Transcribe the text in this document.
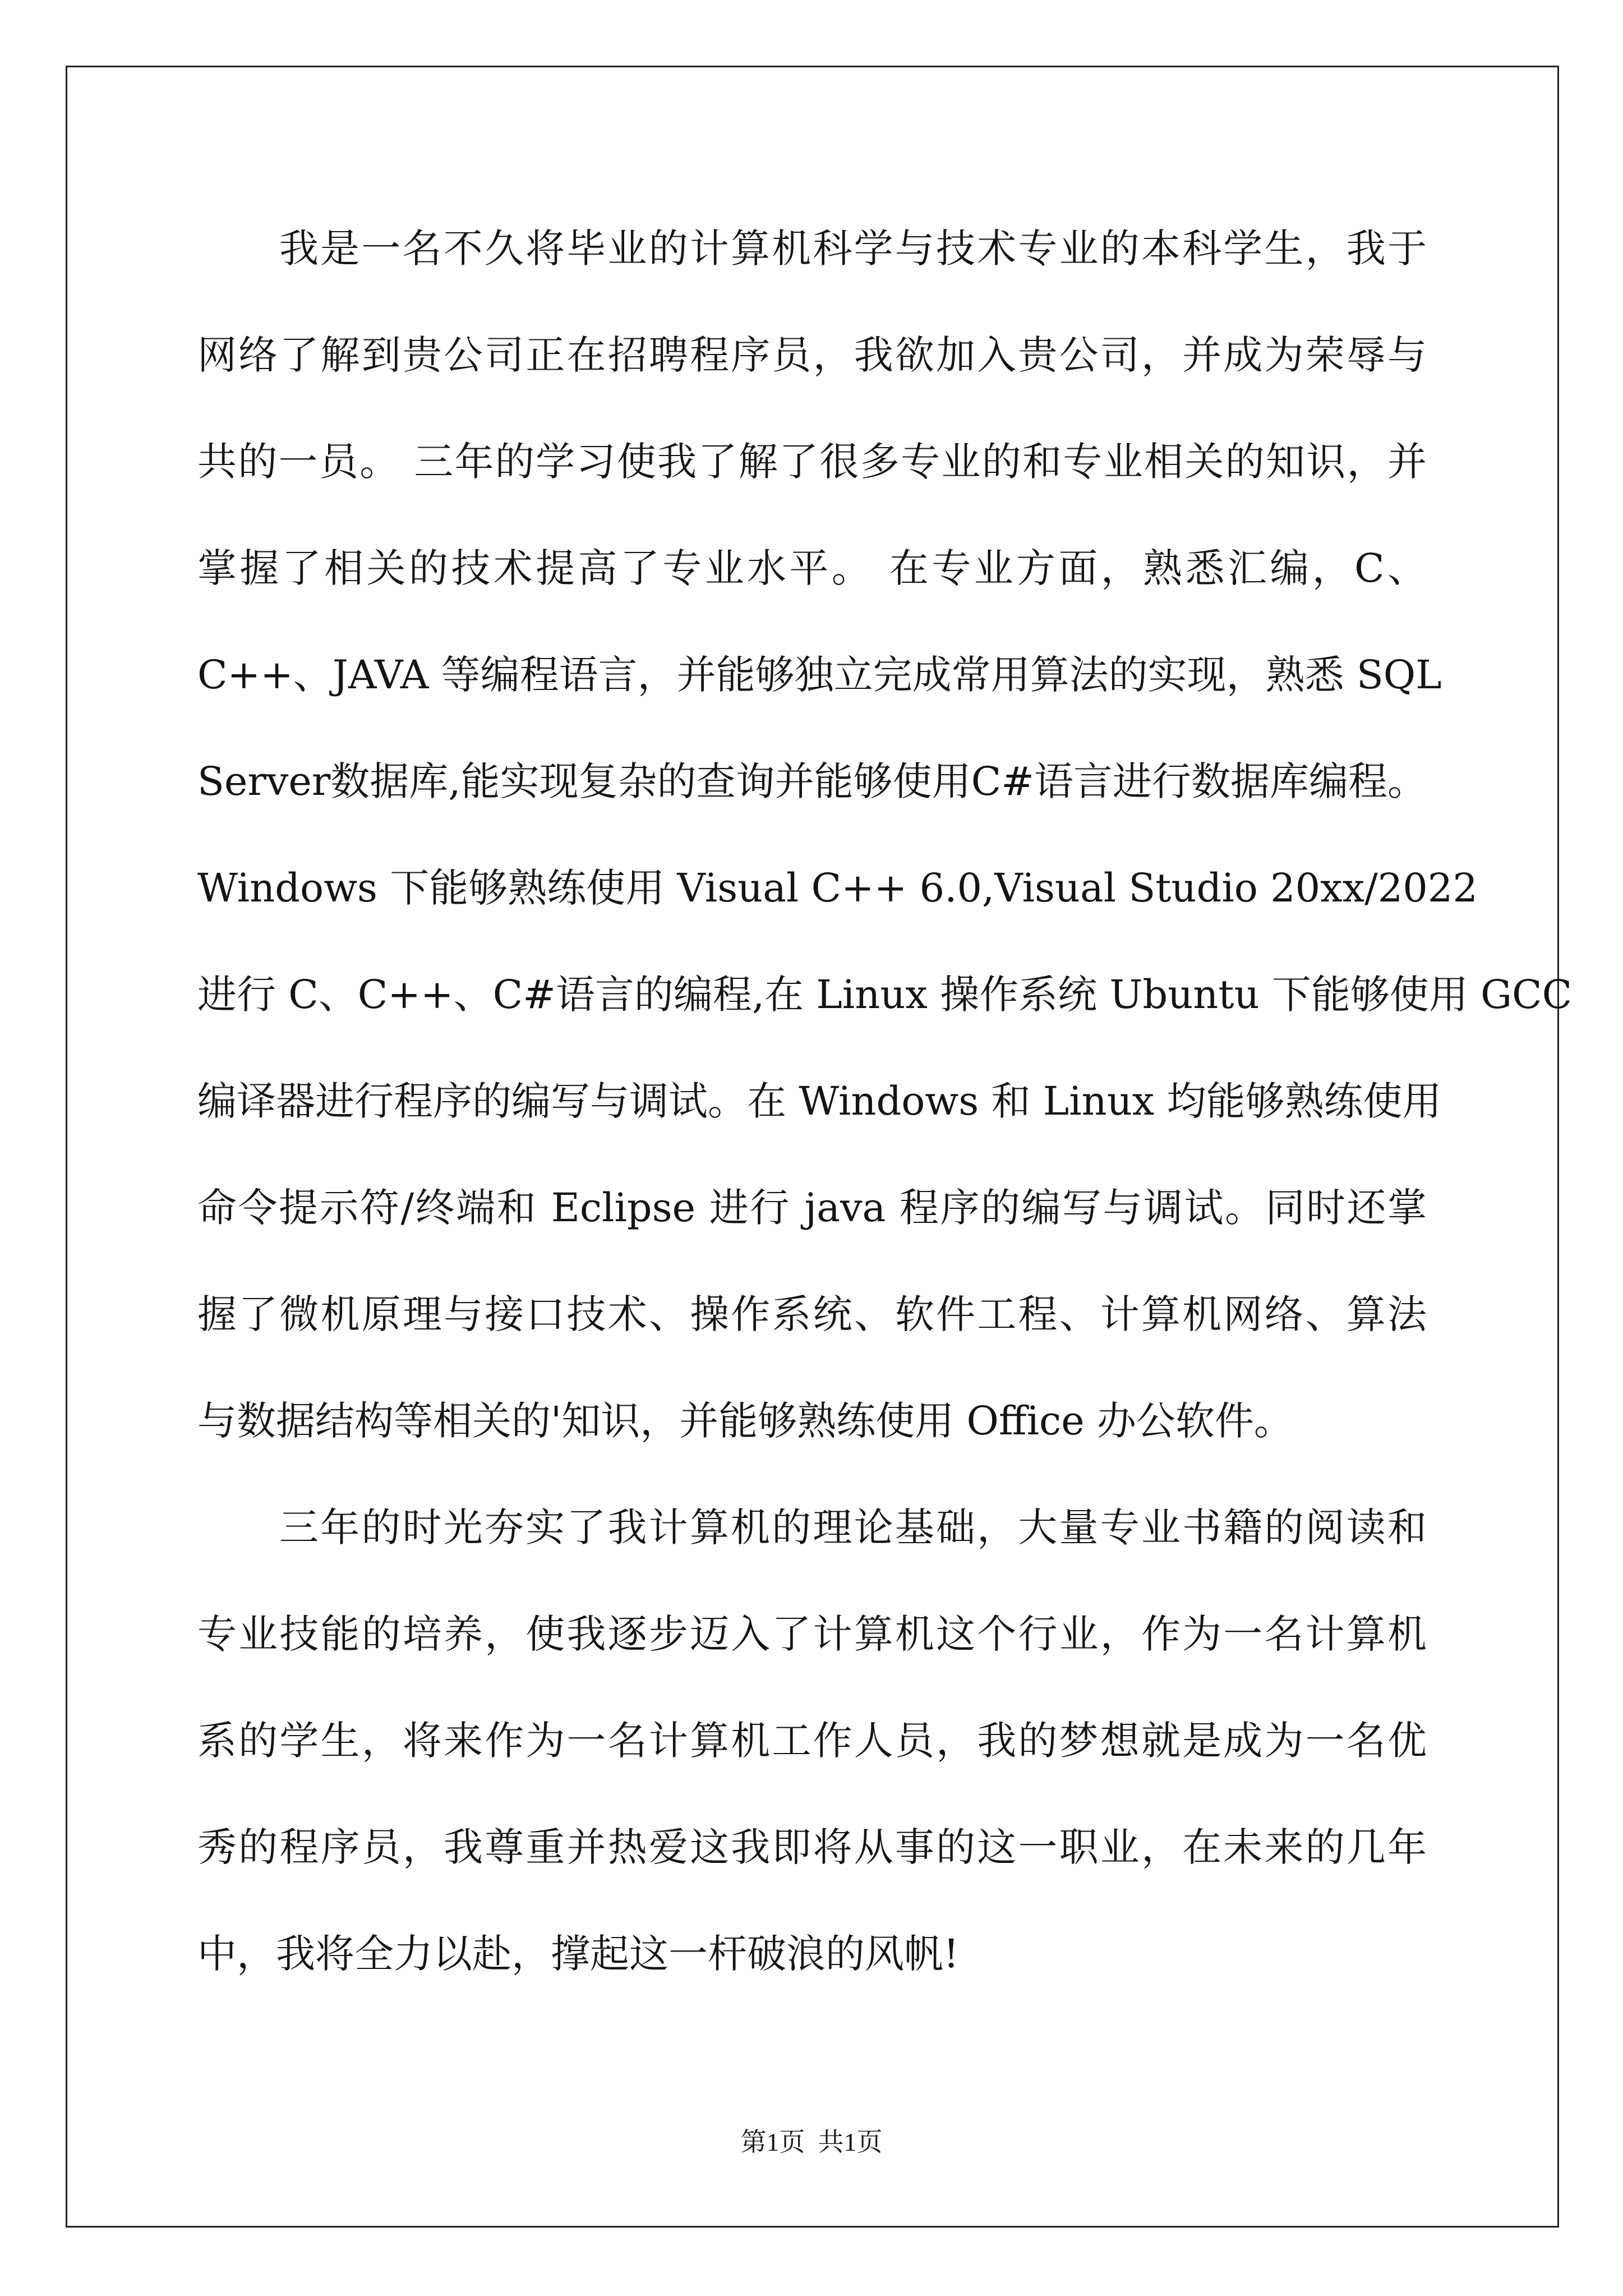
我是一名不久将毕业的计算机科学与技术专业的本科学生，我于
网络了解到贵公司正在招聘程序员，我欲加入贵公司，并成为荣辱与
共的一员。 三年的学习使我了解了很多专业的和专业相关的知识，并
掌握了相关的技术提高了专业水平。 在专业方面，熟悉汇编，C、
C++、JAVA 等编程语言，并能够独立完成常用算法的实现，熟悉 SQL
Server数据库,能实现复杂的查询并能够使用C#语言进行数据库编程。
Windows 下能够熟练使用 Visual C++ 6.0,Visual Studio 20xx/2022
进行 C、C++、C#语言的编程,在 Linux 操作系统 Ubuntu 下能够使用 GCC
编译器进行程序的编写与调试。在 Windows 和 Linux 均能够熟练使用
命令提示符/终端和 Eclipse 进行 java 程序的编写与调试。同时还掌
握了微机原理与接口技术、操作系统、软件工程、计算机网络、算法
与数据结构等相关的'知识，并能够熟练使用 Office 办公软件。
三年的时光夯实了我计算机的理论基础，大量专业书籍的阅读和
专业技能的培养，使我逐步迈入了计算机这个行业，作为一名计算机
系的学生，将来作为一名计算机工作人员，我的梦想就是成为一名优
秀的程序员，我尊重并热爱这我即将从事的这一职业，在未来的几年
中，我将全力以赴，撑起这一杆破浪的风帆!
第1页  共1页
